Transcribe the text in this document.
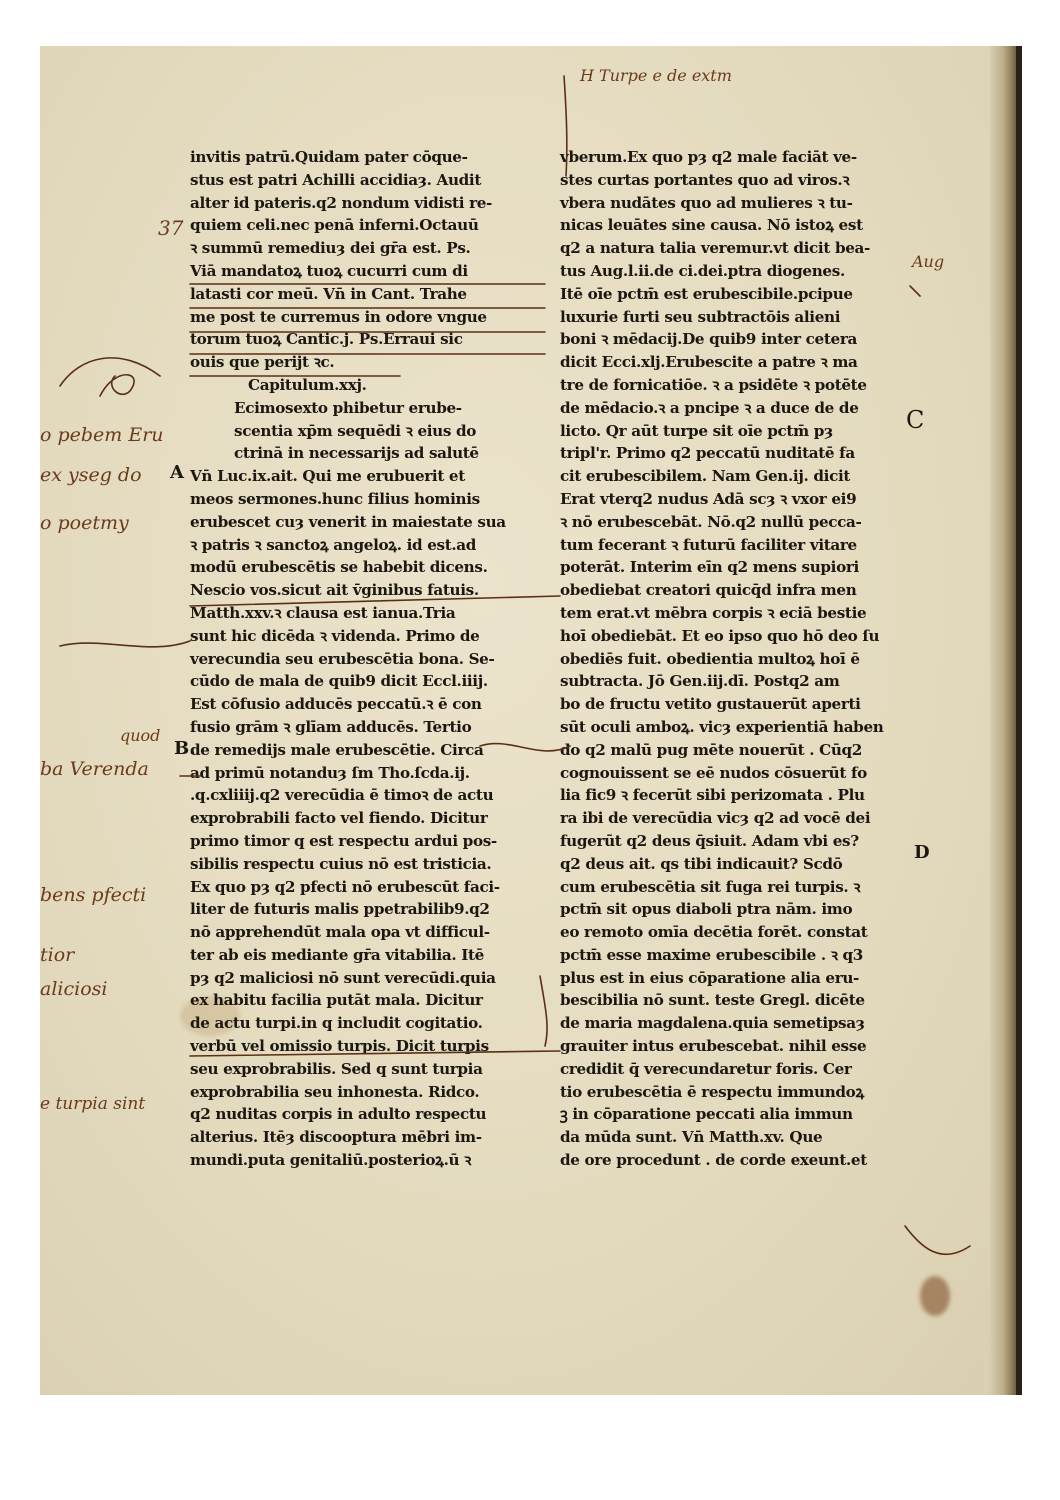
H Turpe e de extm
invitis patrū.Quidam pater cōque-
stus est patri Achilli accidiaȝ. Audit
alter id pateris.q2 nondum vidisti re-
quiem celi.nec penā inferni.Octauū
ꝛ summū remediuȝ dei gr̄a est. Ps.
Viā mandatoꝝ tuoꝝ cucurri cum di
latasti cor meū. Vn̄ in Cant. Trahe
me post te curremus in odore vngue
torum tuoꝝ Cantic.j. Ps.Erraui sic
ouis que perijt ꝛc.
Capitulum.xxj.
Ecimosexto phibetur erube-
scentia xp̄m sequēdi ꝛ eius do
ctrinā in necessarijs ad salutē
Vn̄ Luc.ix.ait. Qui me erubuerit et
meos sermones.hunc filius hominis
erubescet cuȝ venerit in maiestate sua
ꝛ patris ꝛ sanctoꝝ angeloꝝ. id est.ad
modū erubescētis se habebit dicens.
Nescio vos.sicut ait v̄ginibus fatuis.
Matth.xxv.ꝛ clausa est ianua.Tria
sunt hic dicēda ꝛ videnda. Primo de
verecundia seu erubescētia bona. Se-
cūdo de mala de quib9 dicit Eccl.iiij.
Est cōfusio adducēs peccatū.ꝛ ē con
fusio grām ꝛ glīam adducēs. Tertio
de remedijs male erubescētie. Circa
ad primū notanduȝ ſm Tho.ſcda.ij.
.q.cxliiij.q2 verecūdia ē timoꝛ de actu
exprobrabili facto vel fiendo. Dicitur
primo timor q est respectu ardui pos-
sibilis respectu cuius nō est tristicia.
Ex quo pȝ q2 pfecti nō erubescūt faci-
liter de futuris malis ppetrabilib9.q2
nō apprehendūt mala opa vt difficul-
ter ab eis mediante gr̄a vitabilia. Itē
pȝ q2 maliciosi nō sunt verecūdi.quia
ex habitu facilia putāt mala. Dicitur
de actu turpi.in q includit cogitatio.
verbū vel omissio turpis. Dicit turpis
seu exprobrabilis. Sed q sunt turpia
exprobrabilia seu inhonesta. Ridco.
q2 nuditas corpis in adulto respectu
alterius. Itēȝ discooptura mēbri im-
mundi.puta genitaliū.posterioꝝ.ū ꝛ
vberum.Ex quo pȝ q2 male faciāt ve-
stes curtas portantes quo ad viros.ꝛ
vbera nudātes quo ad mulieres ꝛ tu-
nicas leuātes sine causa. Nō istoꝝ est
q2 a natura talia veremur.vt dicit bea-
tus Aug.l.ii.de ci.dei.ptra diogenes.
Itē oīe pctm̄ est erubescibile.pcipue
luxurie furti seu subtractōis alieni
boni ꝛ mēdacij.De quib9 inter cetera
dicit Ecci.xlj.Erubescite a patre ꝛ ma
tre de fornicatiōe. ꝛ a psidēte ꝛ potēte
de mēdacio.ꝛ a pncipe ꝛ a duce de de
licto. Qr aūt turpe sit oīe pctm̄ pȝ
tripl'r. Primo q2 peccatū nuditatē fa
cit erubescibilem. Nam Gen.ij. dicit
Erat vterq2 nudus Adā scȝ ꝛ vxor ei9
ꝛ nō erubescebāt. Nō.q2 nullū pecca-
tum fecerant ꝛ futurū faciliter vitare
poterāt. Interim eīn q2 mens supiori
obediebat creatori quicq̄d infra men
tem erat.vt mēbra corpis ꝛ eciā bestie
hoī obediebāt. Et eo ipso quo hō deo ſu
obediēs fuit. obedientia multoꝝ hoī ē
subtracta. Jō Gen.iij.dī. Postq2 am
bo de fructu vetito gustauerūt aperti
sūt oculi amboꝝ. vicȝ experientiā haben
do q2 malū pug mēte nouerūt . Cūq2
cognouissent se eē nudos cōsuerūt fo
lia fic9 ꝛ fecerūt sibi perizomata . Plu
ra ibi de verecūdia vicȝ q2 ad vocē dei
fugerūt q2 deus q̄siuit. Adam vbi es?
q2 deus ait. qs tibi indicauit? Scdō
cum erubescētia sit fuga rei turpis. ꝛ
pctm̄ sit opus diaboli ptra nām. imo
eo remoto omīa decētia forēt. constat
pctm̄ esse maxime erubescibile . ꝛ q3
plus est in eius cōparatione alia eru-
bescibilia nō sunt. teste Gregl. dicēte
de maria magdalena.quia semetipsaȝ
grauiter intus erubescebat. nihil esse
credidit q̄ verecundaretur foris. Cer
tio erubescētia ē respectu immundoꝝ
ꝫ in cōparatione peccati alia immun
da mūda sunt. Vn̄ Matth.xv. Que
de ore procedunt . de corde exeunt.et
37
o pebem Eru
ex yseg do
o poetmy
quod
ba Verenda
bens pfecti
tior
aliciosi
e turpia sint
Aug
C
A
B.
D
